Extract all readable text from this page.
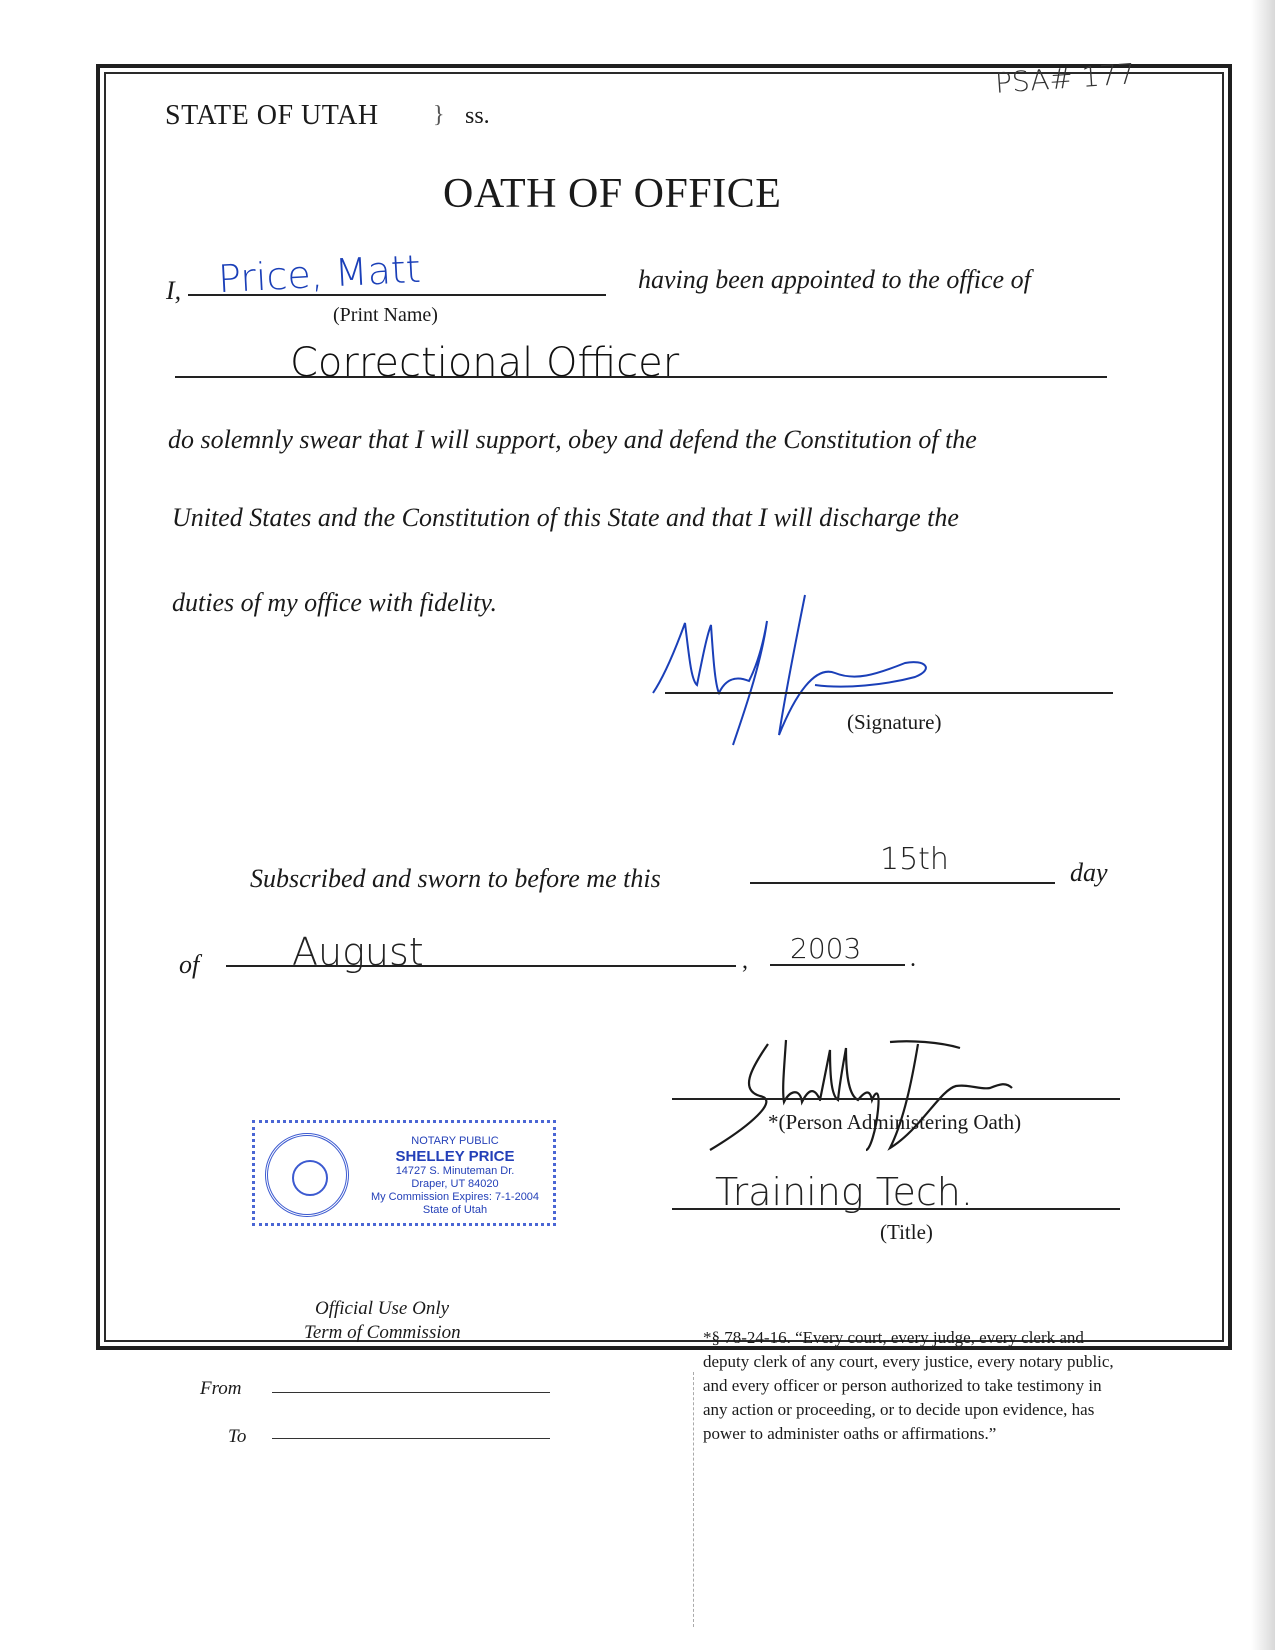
PSA# 177
STATE OF UTAH } ss.
OATH OF OFFICE
I, Price, Matt
(Print Name)
having been appointed to the office of
Correctional Officer
do solemnly swear that I will support, obey and defend the Constitution of the
United States and the Constitution of this State and that I will discharge the
duties of my office with fidelity.
(Signature)
Subscribed and sworn to before me this
15th	day
of August	, 2003 .
NOTARY PUBLIC
SHELLEY PRICE
14727 S. Minuteman Dr.
Draper, UT 84020
My Commission Expires: 7-1-2004
State of Utah
*(Person Administering Oath)
Training Tech.
(Title)
Official Use Only
Term of Commission
From
To
*§ 78-24-16. “Every court, every judge, every clerk and
deputy clerk of any court, every justice, every notary public,
and every officer or person authorized to take testimony in
any action or proceeding, or to decide upon evidence, has
power to administer oaths or affirmations.”
